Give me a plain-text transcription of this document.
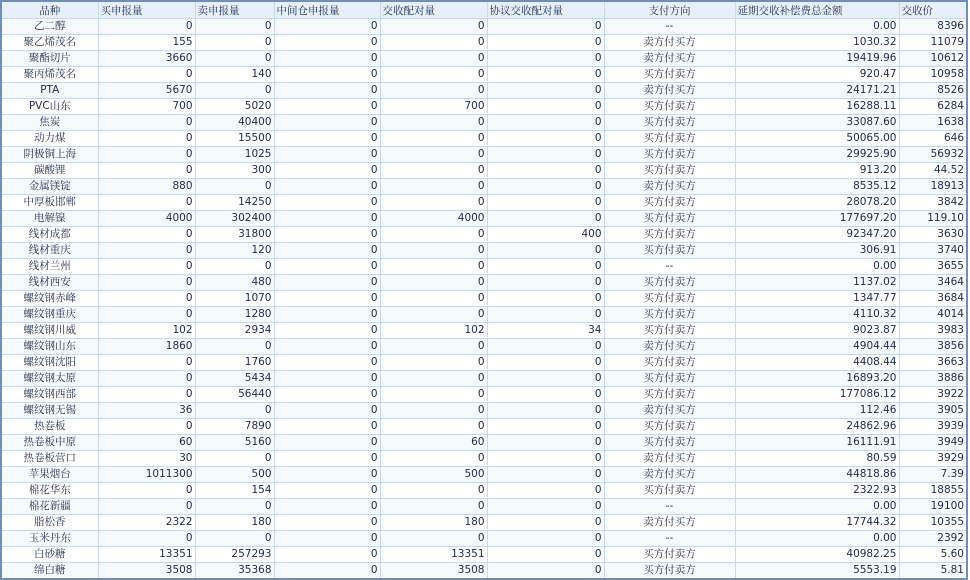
品种	买申报量	卖申报量	中间仓申报量	交收配对量	协议交收配对量	支付方向	延期交收补偿费总金额	交收价
乙二醇	0	0	0	0	0	--	0.00	8396
聚乙烯茂名	155	0	0	0	0	卖方付买方	1030.32	11079
聚酯切片	3660	0	0	0	0	卖方付买方	19419.96	10612
聚丙烯茂名	0	140	0	0	0	买方付卖方	920.47	10958
PTA	5670	0	0	0	0	卖方付买方	24171.21	8526
PVC山东	700	5020	0	700	0	买方付卖方	16288.11	6284
焦炭	0	40400	0	0	0	买方付卖方	33087.60	1638
动力煤	0	15500	0	0	0	买方付卖方	50065.00	646
阴极铜上海	0	1025	0	0	0	买方付卖方	29925.90	56932
碳酸锂	0	300	0	0	0	买方付卖方	913.20	44.52
金属镁锭	880	0	0	0	0	卖方付买方	8535.12	18913
中厚板邯郸	0	14250	0	0	0	买方付卖方	28078.20	3842
电解镍	4000	302400	0	4000	0	买方付卖方	177697.20	119.10
线材成都	0	31800	0	0	400	买方付卖方	92347.20	3630
线材重庆	0	120	0	0	0	买方付卖方	306.91	3740
线材兰州	0	0	0	0	0	--	0.00	3655
线材西安	0	480	0	0	0	买方付卖方	1137.02	3464
螺纹钢赤峰	0	1070	0	0	0	买方付卖方	1347.77	3684
螺纹钢重庆	0	1280	0	0	0	买方付卖方	4110.32	4014
螺纹钢川威	102	2934	0	102	34	买方付卖方	9023.87	3983
螺纹钢山东	1860	0	0	0	0	卖方付买方	4904.44	3856
螺纹钢沈阳	0	1760	0	0	0	买方付卖方	4408.44	3663
螺纹钢太原	0	5434	0	0	0	买方付卖方	16893.20	3886
螺纹钢西部	0	56440	0	0	0	买方付卖方	177086.12	3922
螺纹钢无锡	36	0	0	0	0	卖方付买方	112.46	3905
热卷板	0	7890	0	0	0	买方付卖方	24862.96	3939
热卷板中原	60	5160	0	60	0	买方付卖方	16111.91	3949
热卷板营口	30	0	0	0	0	卖方付买方	80.59	3929
苹果烟台	1011300	500	0	500	0	卖方付买方	44818.86	7.39
棉花华东	0	154	0	0	0	买方付卖方	2322.93	18855
棉花新疆	0	0	0	0	0	--	0.00	19100
脂松香	2322	180	0	180	0	卖方付买方	17744.32	10355
玉米丹东	0	0	0	0	0	--	0.00	2392
白砂糖	13351	257293	0	13351	0	买方付卖方	40982.25	5.60
绵白糖	3508	35368	0	3508	0	买方付卖方	5553.19	5.81
